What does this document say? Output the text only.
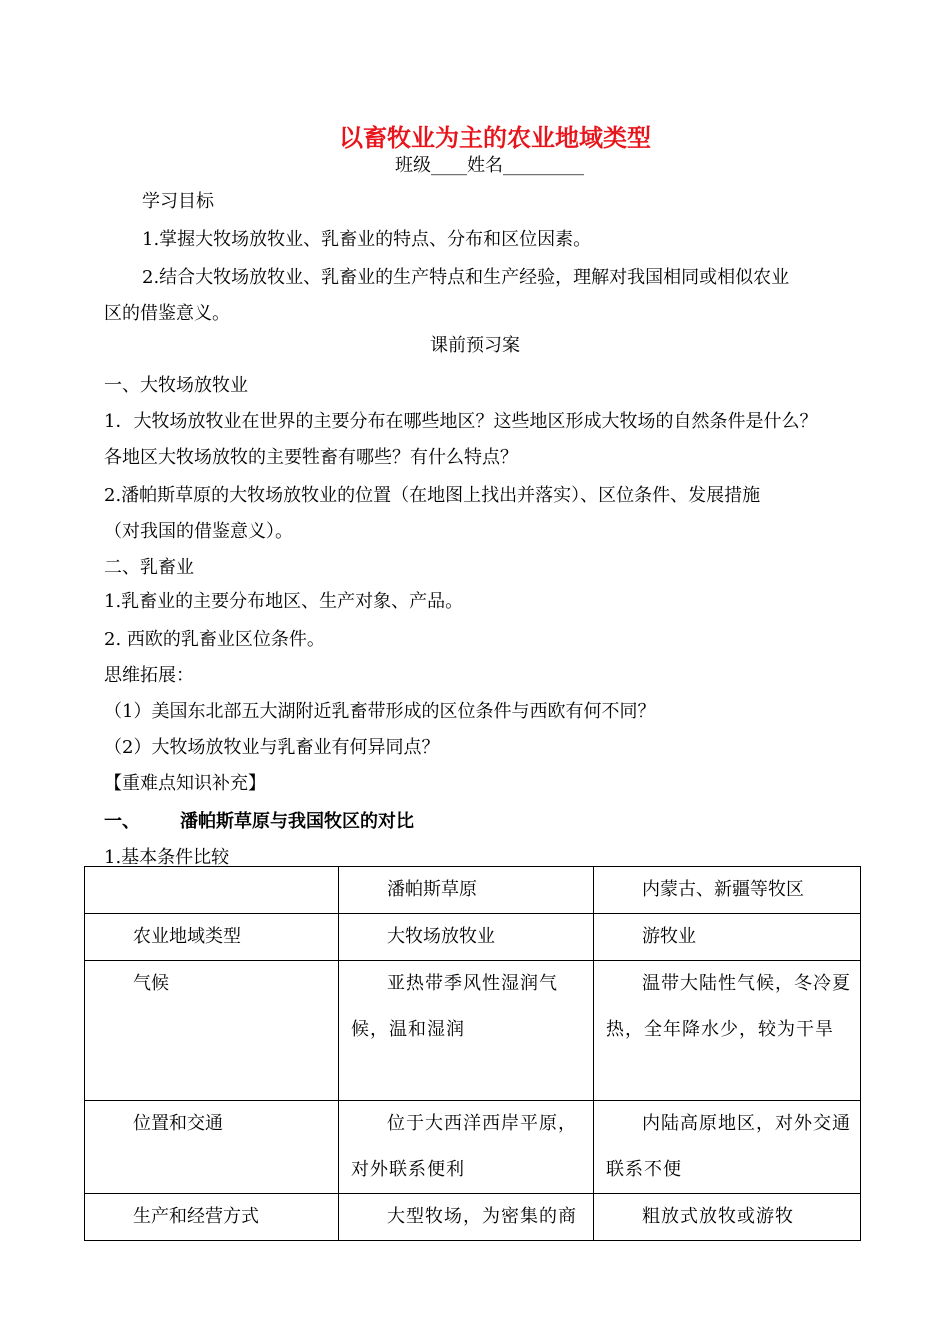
以畜牧业为主的农业地域类型
班级____姓名_________
学习目标
1.掌握大牧场放牧业、乳畜业的特点、分布和区位因素。
2.结合大牧场放牧业、乳畜业的生产特点和生产经验，理解对我国相同或相似农业
区的借鉴意义。
课前预习案
一、大牧场放牧业
1．大牧场放牧业在世界的主要分布在哪些地区？这些地区形成大牧场的自然条件是什么？
各地区大牧场放牧的主要牲畜有哪些？有什么特点？
2.潘帕斯草原的大牧场放牧业的位置（在地图上找出并落实）、区位条件、发展措施
（对我国的借鉴意义）。
二、乳畜业
1.乳畜业的主要分布地区、生产对象、产品。
2. 西欧的乳畜业区位条件。
思维拓展：
（1）美国东北部五大湖附近乳畜带形成的区位条件与西欧有何不同？
（2）大牧场放牧业与乳畜业有何异同点？
【重难点知识补充】
一、 潘帕斯草原与我国牧区的对比
1.基本条件比较

	潘帕斯草原	内蒙古、新疆等牧区

农业地域类型	大牧场放牧业	游牧业

气候	亚热带季风性湿润气候，温和湿润	温带大陆性气候，冬冷夏热，全年降水少，较为干旱

位置和交通	位于大西洋西岸平原，对外联系便利	内陆高原地区，对外交通联系不便

生产和经营方式	大型牧场，为密集的商	粗放式放牧或游牧
